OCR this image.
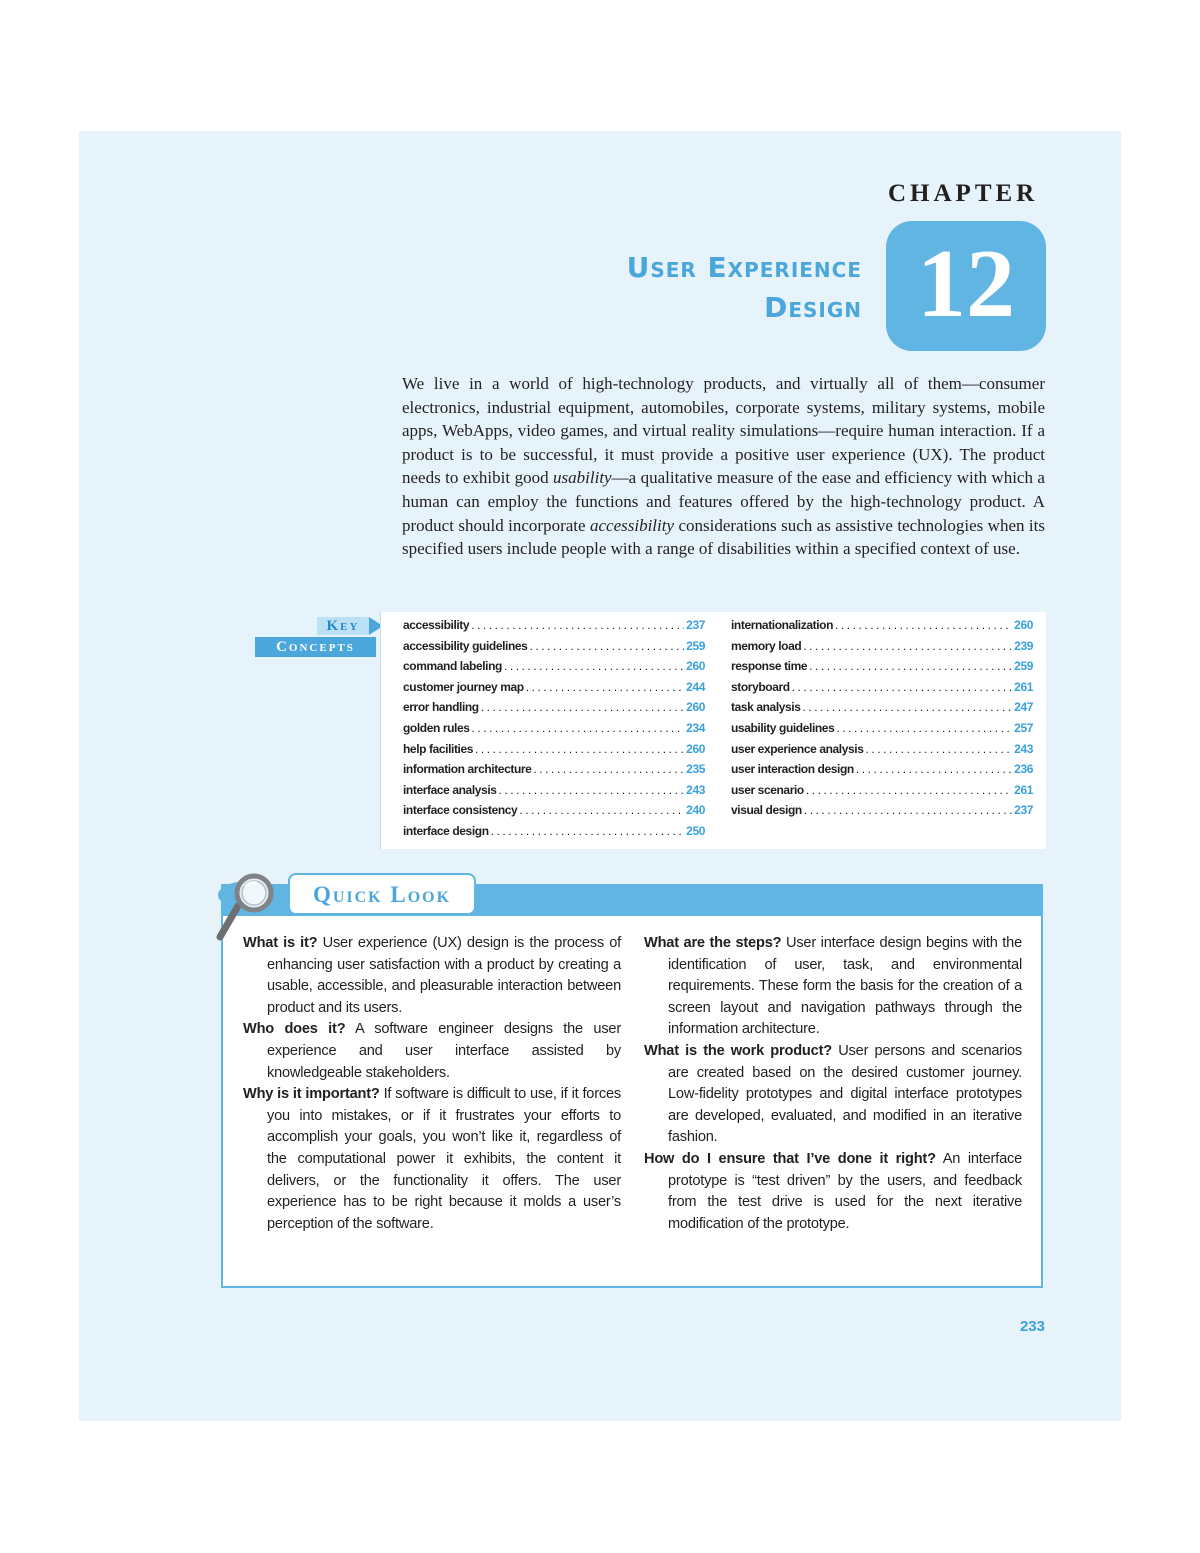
CHAPTER
12
User Experience
Design

We live in a world of high-technology products, and virtually all of them—consumer electronics, industrial equipment, automobiles, corporate systems, military systems, mobile apps, WebApps, video games, and virtual reality simulations—require human interaction. If a product is to be successful, it must provide a positive user experience (UX). The product needs to exhibit good usability—a qualitative measure of the ease and efficiency with which a human can employ the functions and features offered by the high-technology product. A product should incorporate accessibility considerations such as assistive technologies when its specified users include people with a range of disabilities within a specified context of use.

Key
Concepts
accessibility . . .	237
accessibility guidelines . . .	259
command labeling . . .	260
customer journey map . . .	244
error handling . . .	260
golden rules . . .	234
help facilities . . .	260
information architecture . . .	235
interface analysis . . .	243
interface consistency . . .	240
interface design . . .	250
internationalization . . .	260
memory load . . .	239
response time . . .	259
storyboard . . .	261
task analysis . . .	247
usability guidelines . . .	257
user experience analysis . . .	243
user interaction design . . .	236
user scenario . . .	261
visual design . . .	237
Quick Look

What is it? User experience (UX) design is the process of enhancing user satisfaction with a product by creating a usable, accessible, and pleasurable interaction between product and its users.

Who does it? A software engineer designs the user experience and user interface assisted by knowledgeable stakeholders.

Why is it important? If software is difficult to use, if it forces you into mistakes, or if it frustrates your efforts to accomplish your goals, you won’t like it, regardless of the computational power it exhibits, the content it delivers, or the functionality it offers. The user experience has to be right because it molds a user’s perception of the software.

What are the steps? User interface design begins with the identification of user, task, and environmental requirements. These form the basis for the creation of a screen layout and navigation pathways through the information architecture.

What is the work product? User persons and scenarios are created based on the desired customer journey. Low-fidelity prototypes and digital interface prototypes are developed, evaluated, and modified in an iterative fashion.

How do I ensure that I’ve done it right? An interface prototype is “test driven” by the users, and feedback from the test drive is used for the next iterative modification of the prototype.

233
